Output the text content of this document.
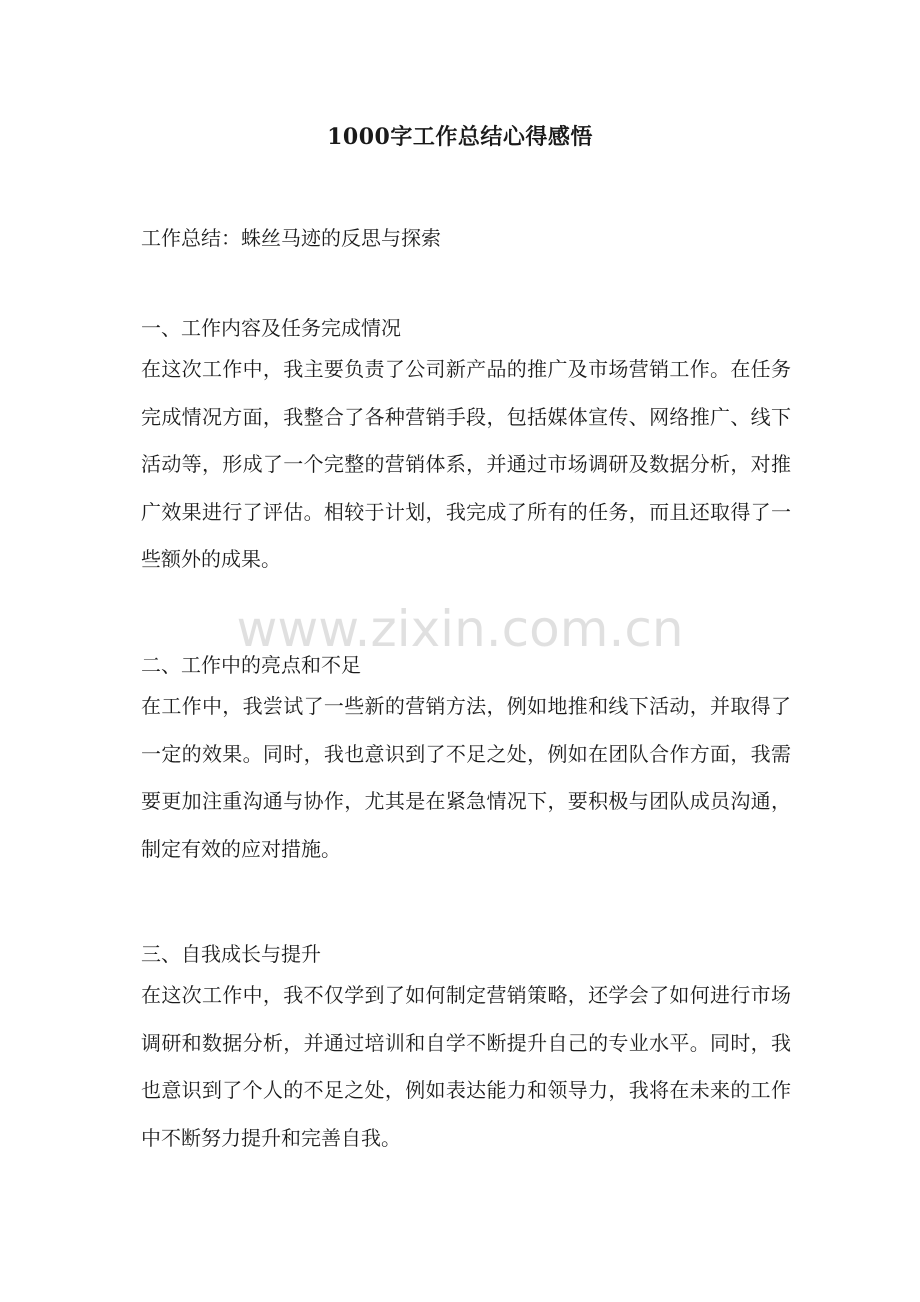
1000字工作总结心得感悟
工作总结：蛛丝马迹的反思与探索

一、工作内容及任务完成情况

在这次工作中，我主要负责了公司新产品的推广及市场营销工作。在任务完成情况方面，我整合了各种营销手段，包括媒体宣传、网络推广、线下活动等，形成了一个完整的营销体系，并通过市场调研及数据分析，对推广效果进行了评估。相较于计划，我完成了所有的任务，而且还取得了一些额外的成果。

二、工作中的亮点和不足

在工作中，我尝试了一些新的营销方法，例如地推和线下活动，并取得了一定的效果。同时，我也意识到了不足之处，例如在团队合作方面，我需要更加注重沟通与协作，尤其是在紧急情况下，要积极与团队成员沟通，制定有效的应对措施。

三、自我成长与提升

在这次工作中，我不仅学到了如何制定营销策略，还学会了如何进行市场调研和数据分析，并通过培训和自学不断提升自己的专业水平。同时，我也意识到了个人的不足之处，例如表达能力和领导力，我将在未来的工作中不断努力提升和完善自我。

www.zixin.com.cn
